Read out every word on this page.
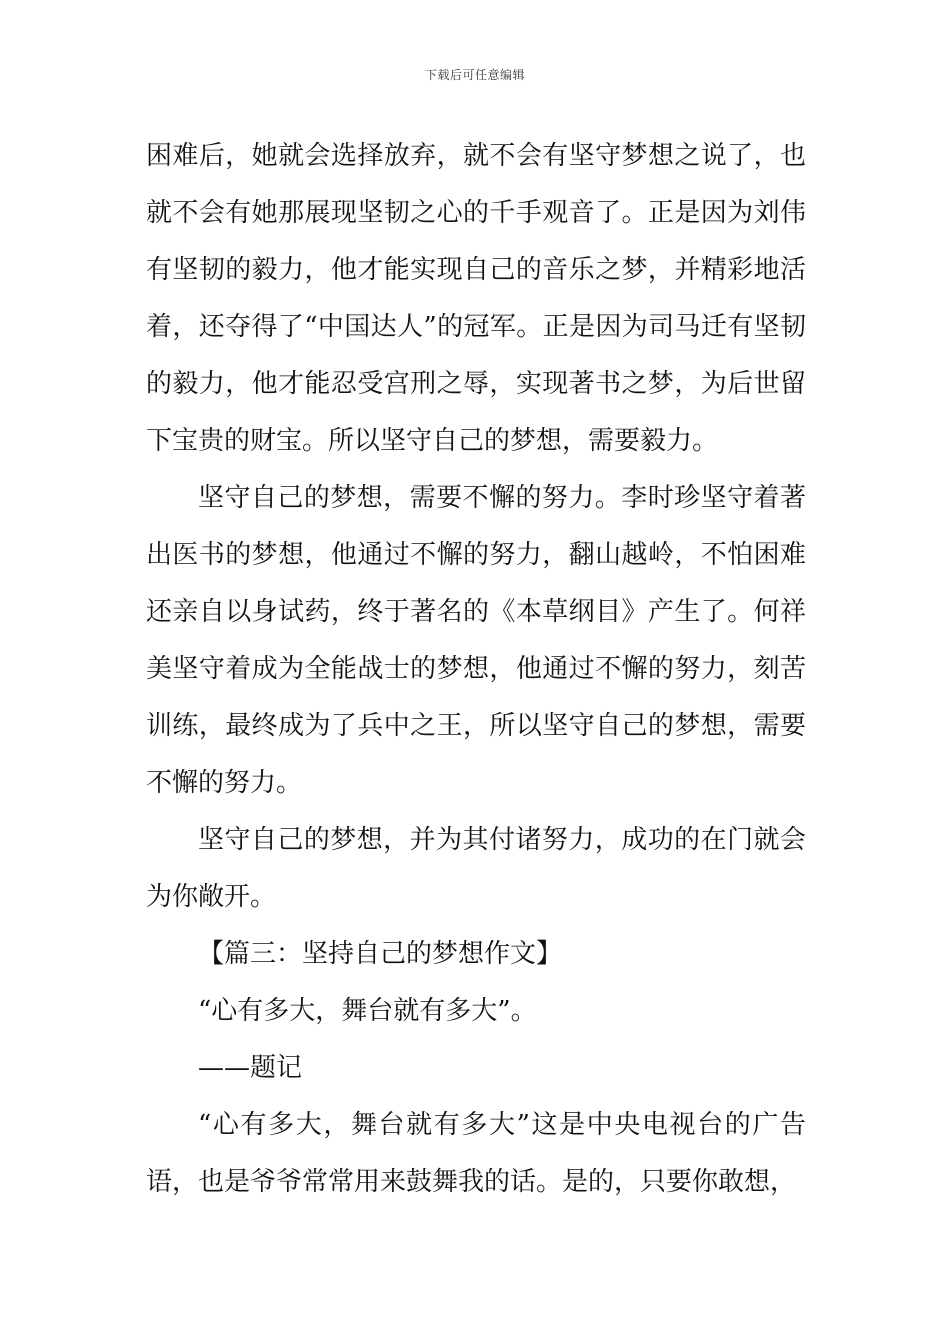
下载后可任意编辑

困难后，她就会选择放弃，就不会有坚守梦想之说了，也就不会有她那展现坚韧之心的千手观音了。正是因为刘伟有坚韧的毅力，他才能实现自己的音乐之梦，并精彩地活着，还夺得了“中国达人”的冠军。正是因为司马迁有坚韧的毅力，他才能忍受宫刑之辱，实现著书之梦，为后世留下宝贵的财宝。所以坚守自己的梦想，需要毅力。

坚守自己的梦想，需要不懈的努力。李时珍坚守着著出医书的梦想，他通过不懈的努力，翻山越岭，不怕困难还亲自以身试药，终于著名的《本草纲目》产生了。何祥美坚守着成为全能战士的梦想，他通过不懈的努力，刻苦训练，最终成为了兵中之王，所以坚守自己的梦想，需要不懈的努力。

坚守自己的梦想，并为其付诸努力，成功的在门就会为你敞开。

【篇三：坚持自己的梦想作文】

“心有多大，舞台就有多大”。

——题记

“心有多大，舞台就有多大”这是中央电视台的广告语，也是爷爷常常用来鼓舞我的话。是的，只要你敢想，
